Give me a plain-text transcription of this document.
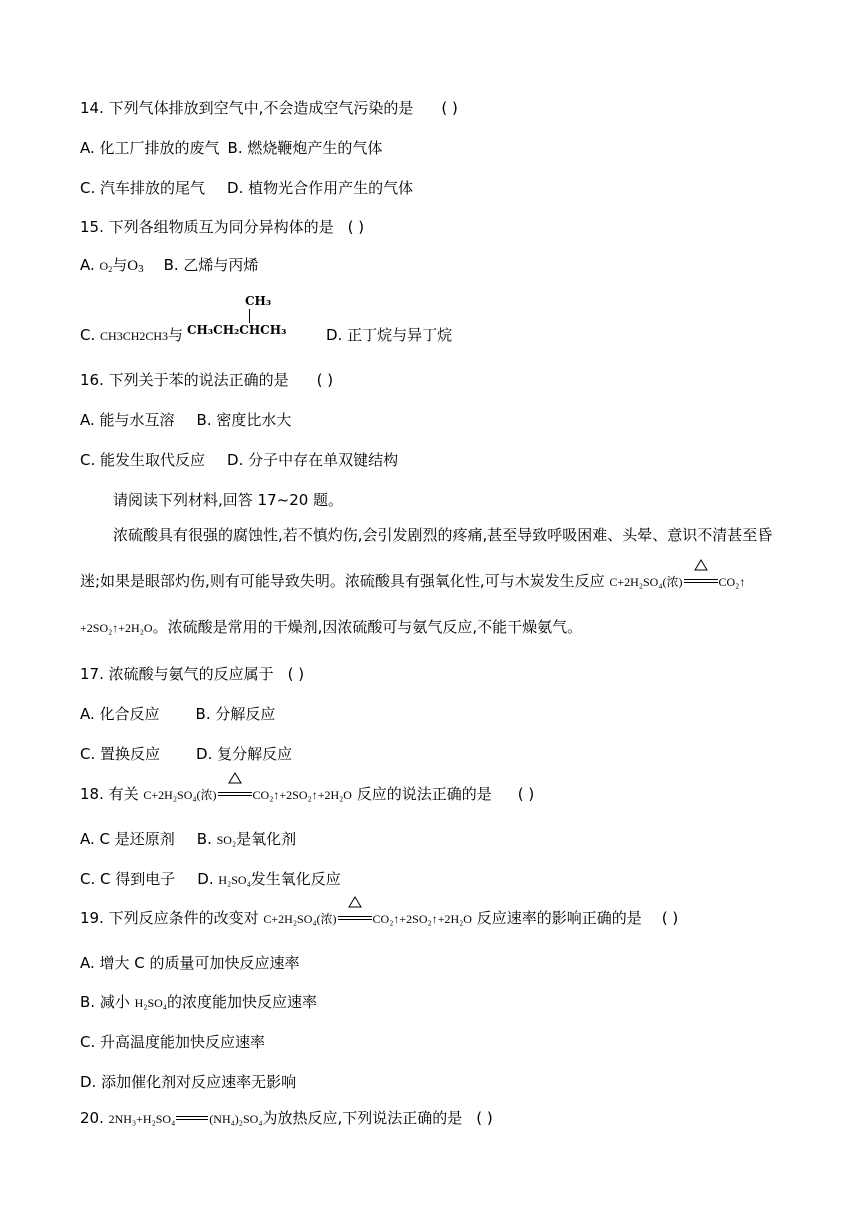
14. 下列气体排放到空气中,不会造成空气污染的是 ( )
A. 化工厂排放的废气 B. 燃烧鞭炮产生的气体
C. 汽车排放的尾气 D. 植物光合作用产生的气体
15. 下列各组物质互为同分异构体的是 ( )
A. $O_2$与$O_3$ B. 乙烯与丙烯
CH₃
CH₃CH₂CHCH₃
C. CH3CH2CH3与	D. 正丁烷与异丁烷
16. 下列关于苯的说法正确的是 ( )
A. 能与水互溶 B. 密度比水大
C. 能发生取代反应 D. 分子中存在单双键结构
请阅读下列材料,回答 17~20 题。
浓硫酸具有很强的腐蚀性,若不慎灼伤,会引发剧烈的疼痛,甚至导致呼吸困难、头晕、意识不清甚至昏
迷;如果是眼部灼伤,则有可能导致失明。浓硫酸具有强氧化性,可与木炭发生反应 C+2H₂SO₄(浓)	CO₂↑
+2SO₂↑+2H₂O。浓硫酸是常用的干燥剂,因浓硫酸可与氨气反应,不能干燥氨气。
17. 浓硫酸与氨气的反应属于 ( )
A. 化合反应 B. 分解反应
C. 置换反应 D. 复分解反应
18. 有关 C+2H₂SO₄(浓)	CO₂↑+2SO₂↑+2H₂O 反应的说法正确的是 ( )
A. C 是还原剂 B. SO₂是氧化剂
C. C 得到电子 D. H₂SO₄发生氧化反应
19. 下列反应条件的改变对 C+2H₂SO₄(浓)	CO₂↑+2SO₂↑+2H₂O 反应速率的影响正确的是 ( )
A. 增大 C 的质量可加快反应速率
B. 减小 H₂SO₄的浓度能加快反应速率
C. 升高温度能加快反应速率
D. 添加催化剂对反应速率无影响
20. 2NH₃+H₂SO₄	(NH₄)₂SO₄为放热反应,下列说法正确的是 ( )
